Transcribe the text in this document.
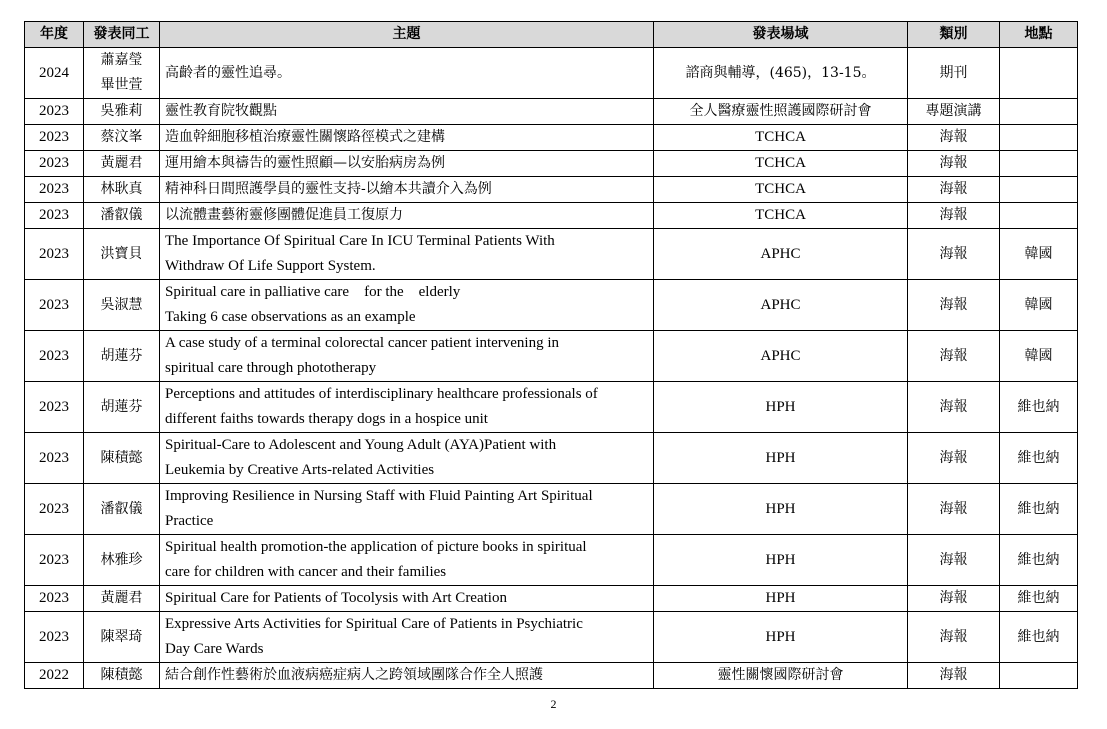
年度	發表同工	主題	發表場域	類別	地點
2024	蕭嘉瑩
畢世萱	高齡者的靈性追尋。	諮商與輔導，(465)，13-15。	期刊	
2023	吳雅莉	靈性教育院牧觀點	全人醫療靈性照護國際研討會	專題演講	
2023	蔡汶峯	造血幹細胞移植治療靈性關懷路徑模式之建構	TCHCA	海報	
2023	黃麗君	運用繪本與禱告的靈性照顧—以安胎病房為例	TCHCA	海報	
2023	林耿真	精神科日間照護學員的靈性支持-以繪本共讀介入為例	TCHCA	海報	
2023	潘叡儀	以流體畫藝術靈修團體促進員工復原力	TCHCA	海報	
2023	洪寶貝	The Importance Of Spiritual Care In ICU Terminal Patients With
Withdraw Of Life Support System.	APHC	海報	韓國
2023	吳淑慧	Spiritual care in palliative care    for the    elderly
Taking 6 case observations as an example	APHC	海報	韓國
2023	胡蓮芬	A case study of a terminal colorectal cancer patient intervening in
spiritual care through phototherapy	APHC	海報	韓國
2023	胡蓮芬	Perceptions and attitudes of interdisciplinary healthcare professionals of
different faiths towards therapy dogs in a hospice unit	HPH	海報	維也納
2023	陳積懿	Spiritual-Care to Adolescent and Young Adult (AYA)Patient with
Leukemia by Creative Arts-related Activities	HPH	海報	維也納
2023	潘叡儀	Improving Resilience in Nursing Staff with Fluid Painting Art Spiritual
Practice	HPH	海報	維也納
2023	林雅珍	Spiritual health promotion-the application of picture books in spiritual
care for children with cancer and their families	HPH	海報	維也納
2023	黃麗君	Spiritual Care for Patients of Tocolysis with Art Creation	HPH	海報	維也納
2023	陳翠琦	Expressive Arts Activities for Spiritual Care of Patients in Psychiatric
Day Care Wards	HPH	海報	維也納
2022	陳積懿	結合創作性藝術於血液病癌症病人之跨領域團隊合作全人照護	靈性關懷國際研討會	海報	
2
